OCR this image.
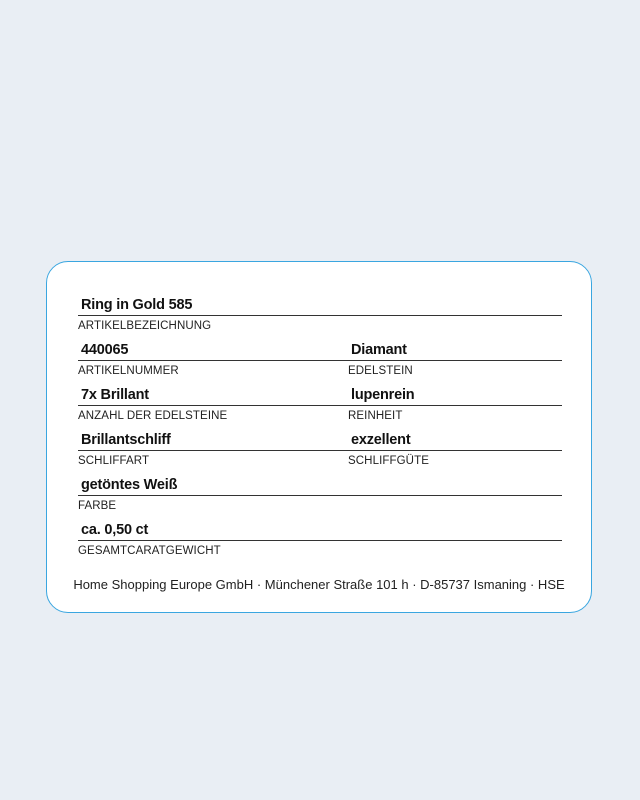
Ring in Gold 585
ARTIKELBEZEICHNUNG
440065
ARTIKELNUMMER
Diamant
EDELSTEIN
7x Brillant
ANZAHL DER EDELSTEINE
lupenrein
REINHEIT
Brillantschliff
SCHLIFFART
exzellent
SCHLIFFGÜTE
getöntes Weiß
FARBE
ca. 0,50 ct
GESAMTCARATGEWICHT
Home Shopping Europe GmbH · Münchener Straße 101 h · D-85737 Ismaning · HSE
